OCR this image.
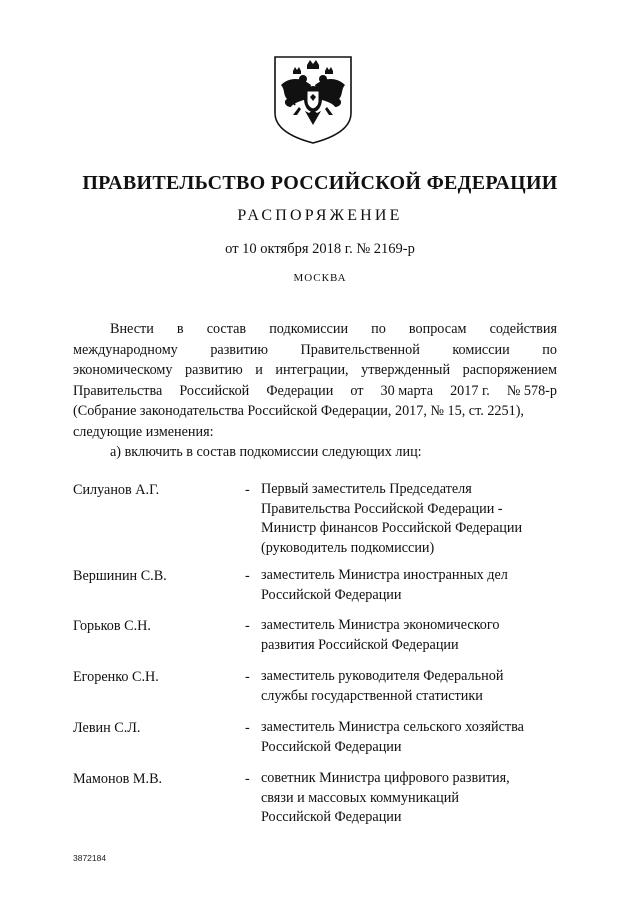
ПРАВИТЕЛЬСТВО РОССИЙСКОЙ ФЕДЕРАЦИИ
РАСПОРЯЖЕНИЕ
от 10 октября 2018 г. № 2169-р
МОСКВА
Внести в состав подкомиссии по вопросам содействия
международному развитию Правительственной комиссии по
экономическому развитию и интеграции, утвержденный распоряжением
Правительства Российской Федерации от 30 марта 2017 г. № 578-р
(Собрание законодательства Российской Федерации, 2017, № 15, ст. 2251),
следующие изменения:
а) включить в состав подкомиссии следующих лиц:
Силуанов А.Г.	- Первый заместитель Председателя
Правительства Российской Федерации -
Министр финансов Российской Федерации
(руководитель подкомиссии)
Вершинин С.В.	- заместитель Министра иностранных дел
Российской Федерации
Горьков С.Н.	- заместитель Министра экономического
развития Российской Федерации
Егоренко С.Н.	- заместитель руководителя Федеральной
службы государственной статистики
Левин С.Л.	- заместитель Министра сельского хозяйства
Российской Федерации
Мамонов М.В.	- советник Министра цифрового развития,
связи и массовых коммуникаций
Российской Федерации
3872184
